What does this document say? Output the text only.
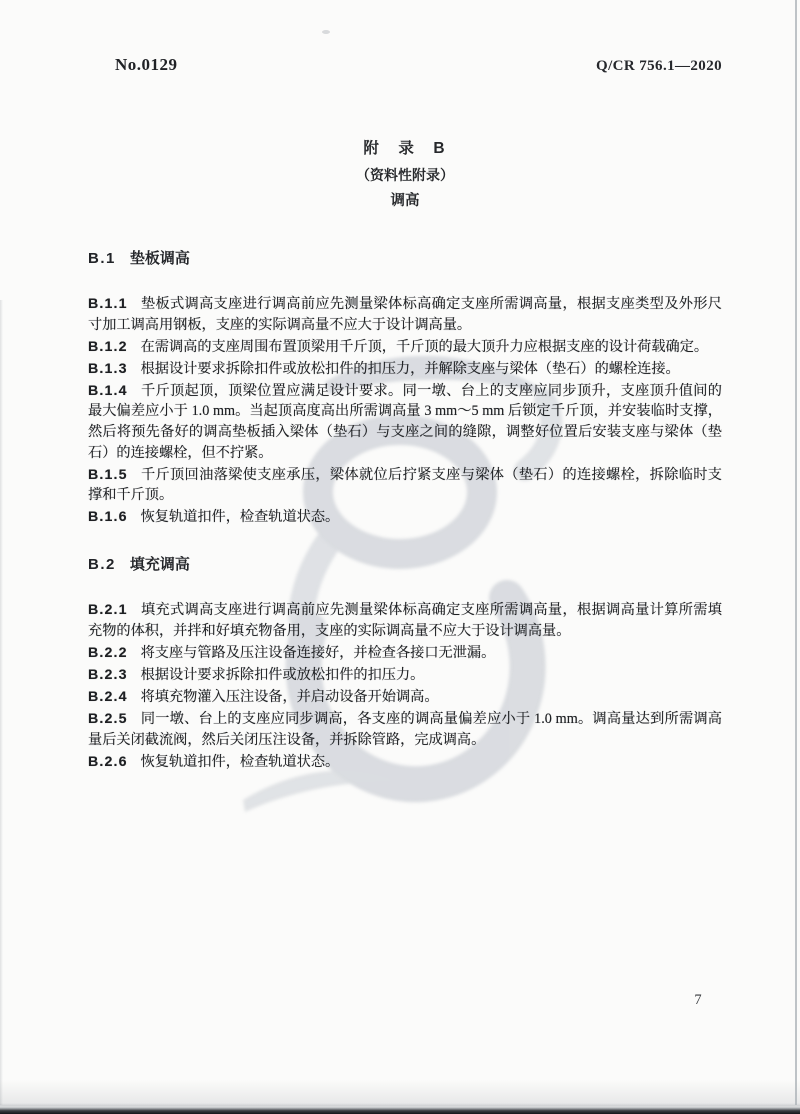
No.0129	Q/CR 756.1—2020
附　录　B
（资料性附录）
调高

B.1 垫板调高

B.1.1 垫板式调高支座进行调高前应先测量梁体标高确定支座所需调高量，根据支座类型及外形尺寸加工调高用钢板，支座的实际调高量不应大于设计调高量。

B.1.2 在需调高的支座周围布置顶梁用千斤顶，千斤顶的最大顶升力应根据支座的设计荷载确定。

B.1.3 根据设计要求拆除扣件或放松扣件的扣压力，并解除支座与梁体（垫石）的螺栓连接。

B.1.4 千斤顶起顶，顶梁位置应满足设计要求。同一墩、台上的支座应同步顶升，支座顶升值间的最大偏差应小于 1.0 mm。当起顶高度高出所需调高量 3 mm～5 mm 后锁定千斤顶，并安装临时支撑，然后将预先备好的调高垫板插入梁体（垫石）与支座之间的缝隙，调整好位置后安装支座与梁体（垫石）的连接螺栓，但不拧紧。

B.1.5 千斤顶回油落梁使支座承压，梁体就位后拧紧支座与梁体（垫石）的连接螺栓，拆除临时支撑和千斤顶。

B.1.6 恢复轨道扣件，检查轨道状态。

B.2 填充调高

B.2.1 填充式调高支座进行调高前应先测量梁体标高确定支座所需调高量，根据调高量计算所需填充物的体积，并拌和好填充物备用，支座的实际调高量不应大于设计调高量。

B.2.2 将支座与管路及压注设备连接好，并检查各接口无泄漏。

B.2.3 根据设计要求拆除扣件或放松扣件的扣压力。

B.2.4 将填充物灌入压注设备，并启动设备开始调高。

B.2.5 同一墩、台上的支座应同步调高，各支座的调高量偏差应小于 1.0 mm。调高量达到所需调高量后关闭截流阀，然后关闭压注设备，并拆除管路，完成调高。

B.2.6 恢复轨道扣件，检查轨道状态。

7
